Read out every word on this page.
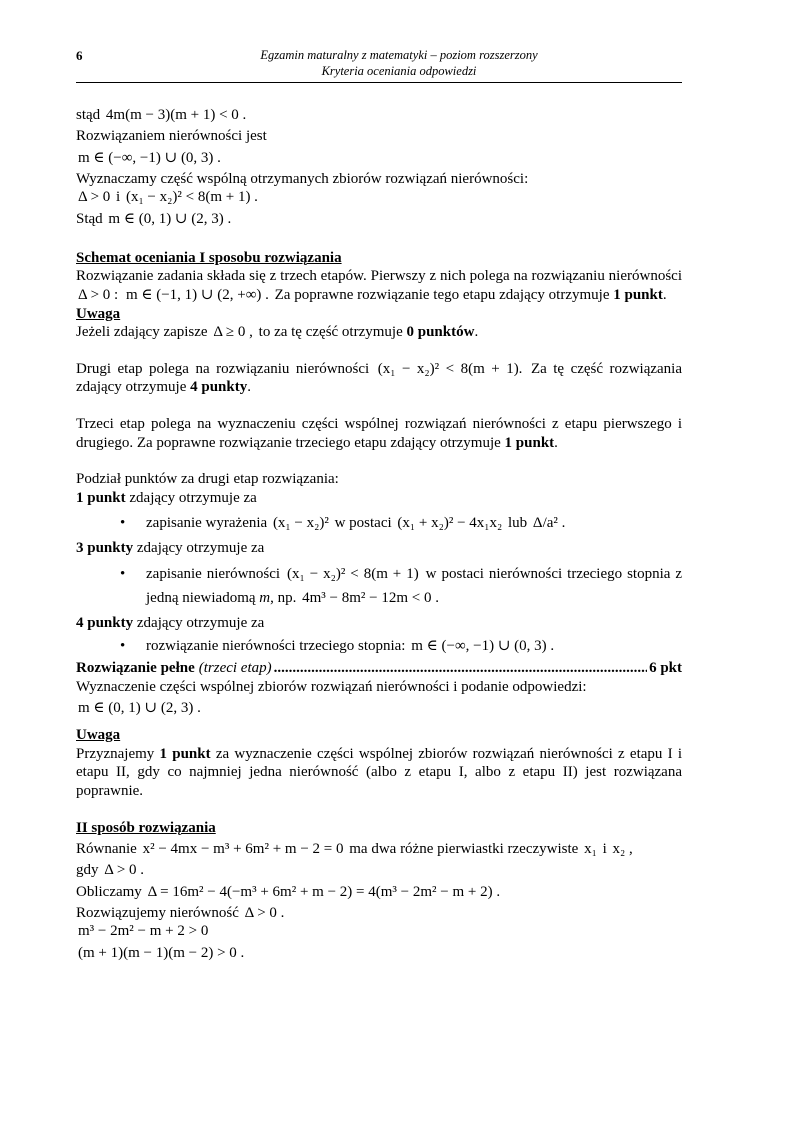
6	Egzamin maturalny z matematyki – poziom rozszerzony
Kryteria oceniania odpowiedzi

stąd 4m(m − 3)(m + 1) < 0 .

Rozwiązaniem nierówności jest

m ∈ (−∞, −1) ∪ (0, 3) .

Wyznaczamy część wspólną otrzymanych zbiorów rozwiązań nierówności:

Δ > 0 i (x₁ − x₂)² < 8(m + 1) .

Stąd m ∈ (0, 1) ∪ (2, 3) .

Schemat oceniania I sposobu rozwiązania

Rozwiązanie zadania składa się z trzech etapów. Pierwszy z nich polega na rozwiązaniu nierówności Δ > 0 : m ∈ (−1, 1) ∪ (2, +∞) . Za poprawne rozwiązanie tego etapu zdający otrzymuje 1 punkt.

Uwaga

Jeżeli zdający zapisze Δ ≥ 0 , to za tę część otrzymuje 0 punktów.

Drugi etap polega na rozwiązaniu nierówności (x₁ − x₂)² < 8(m + 1). Za tę część rozwiązania zdający otrzymuje 4 punkty.

Trzeci etap polega na wyznaczeniu części wspólnej rozwiązań nierówności z etapu pierwszego i drugiego. Za poprawne rozwiązanie trzeciego etapu zdający otrzymuje 1 punkt.

Podział punktów za drugi etap rozwiązania:

1 punkt zdający otrzymuje za

• zapisanie wyrażenia (x₁ − x₂)² w postaci (x₁ + x₂)² − 4x₁x₂ lub Δ/a² .

3 punkty zdający otrzymuje za

• zapisanie nierówności (x₁ − x₂)² < 8(m + 1) w postaci nierówności trzeciego stopnia z jedną niewiadomą m, np. 4m³ − 8m² − 12m < 0 .

4 punkty zdający otrzymuje za

• rozwiązanie nierówności trzeciego stopnia: m ∈ (−∞, −1) ∪ (0, 3) .
Rozwiązanie pełne (trzeci etap)
.....	6 pkt

Wyznaczenie części wspólnej zbiorów rozwiązań nierówności i podanie odpowiedzi:

m ∈ (0, 1) ∪ (2, 3) .

Uwaga

Przyznajemy 1 punkt za wyznaczenie części wspólnej zbiorów rozwiązań nierówności z etapu I i etapu II, gdy co najmniej jedna nierówność (albo z etapu I, albo z etapu II) jest rozwiązana poprawnie.

II sposób rozwiązania

Równanie x² − 4mx − m³ + 6m² + m − 2 = 0 ma dwa różne pierwiastki rzeczywiste x₁ i x₂ ,

gdy Δ > 0 .

Obliczamy Δ = 16m² − 4(−m³ + 6m² + m − 2) = 4(m³ − 2m² − m + 2) .

Rozwiązujemy nierówność Δ > 0 .

m³ − 2m² − m + 2 > 0

(m + 1)(m − 1)(m − 2) > 0 .
